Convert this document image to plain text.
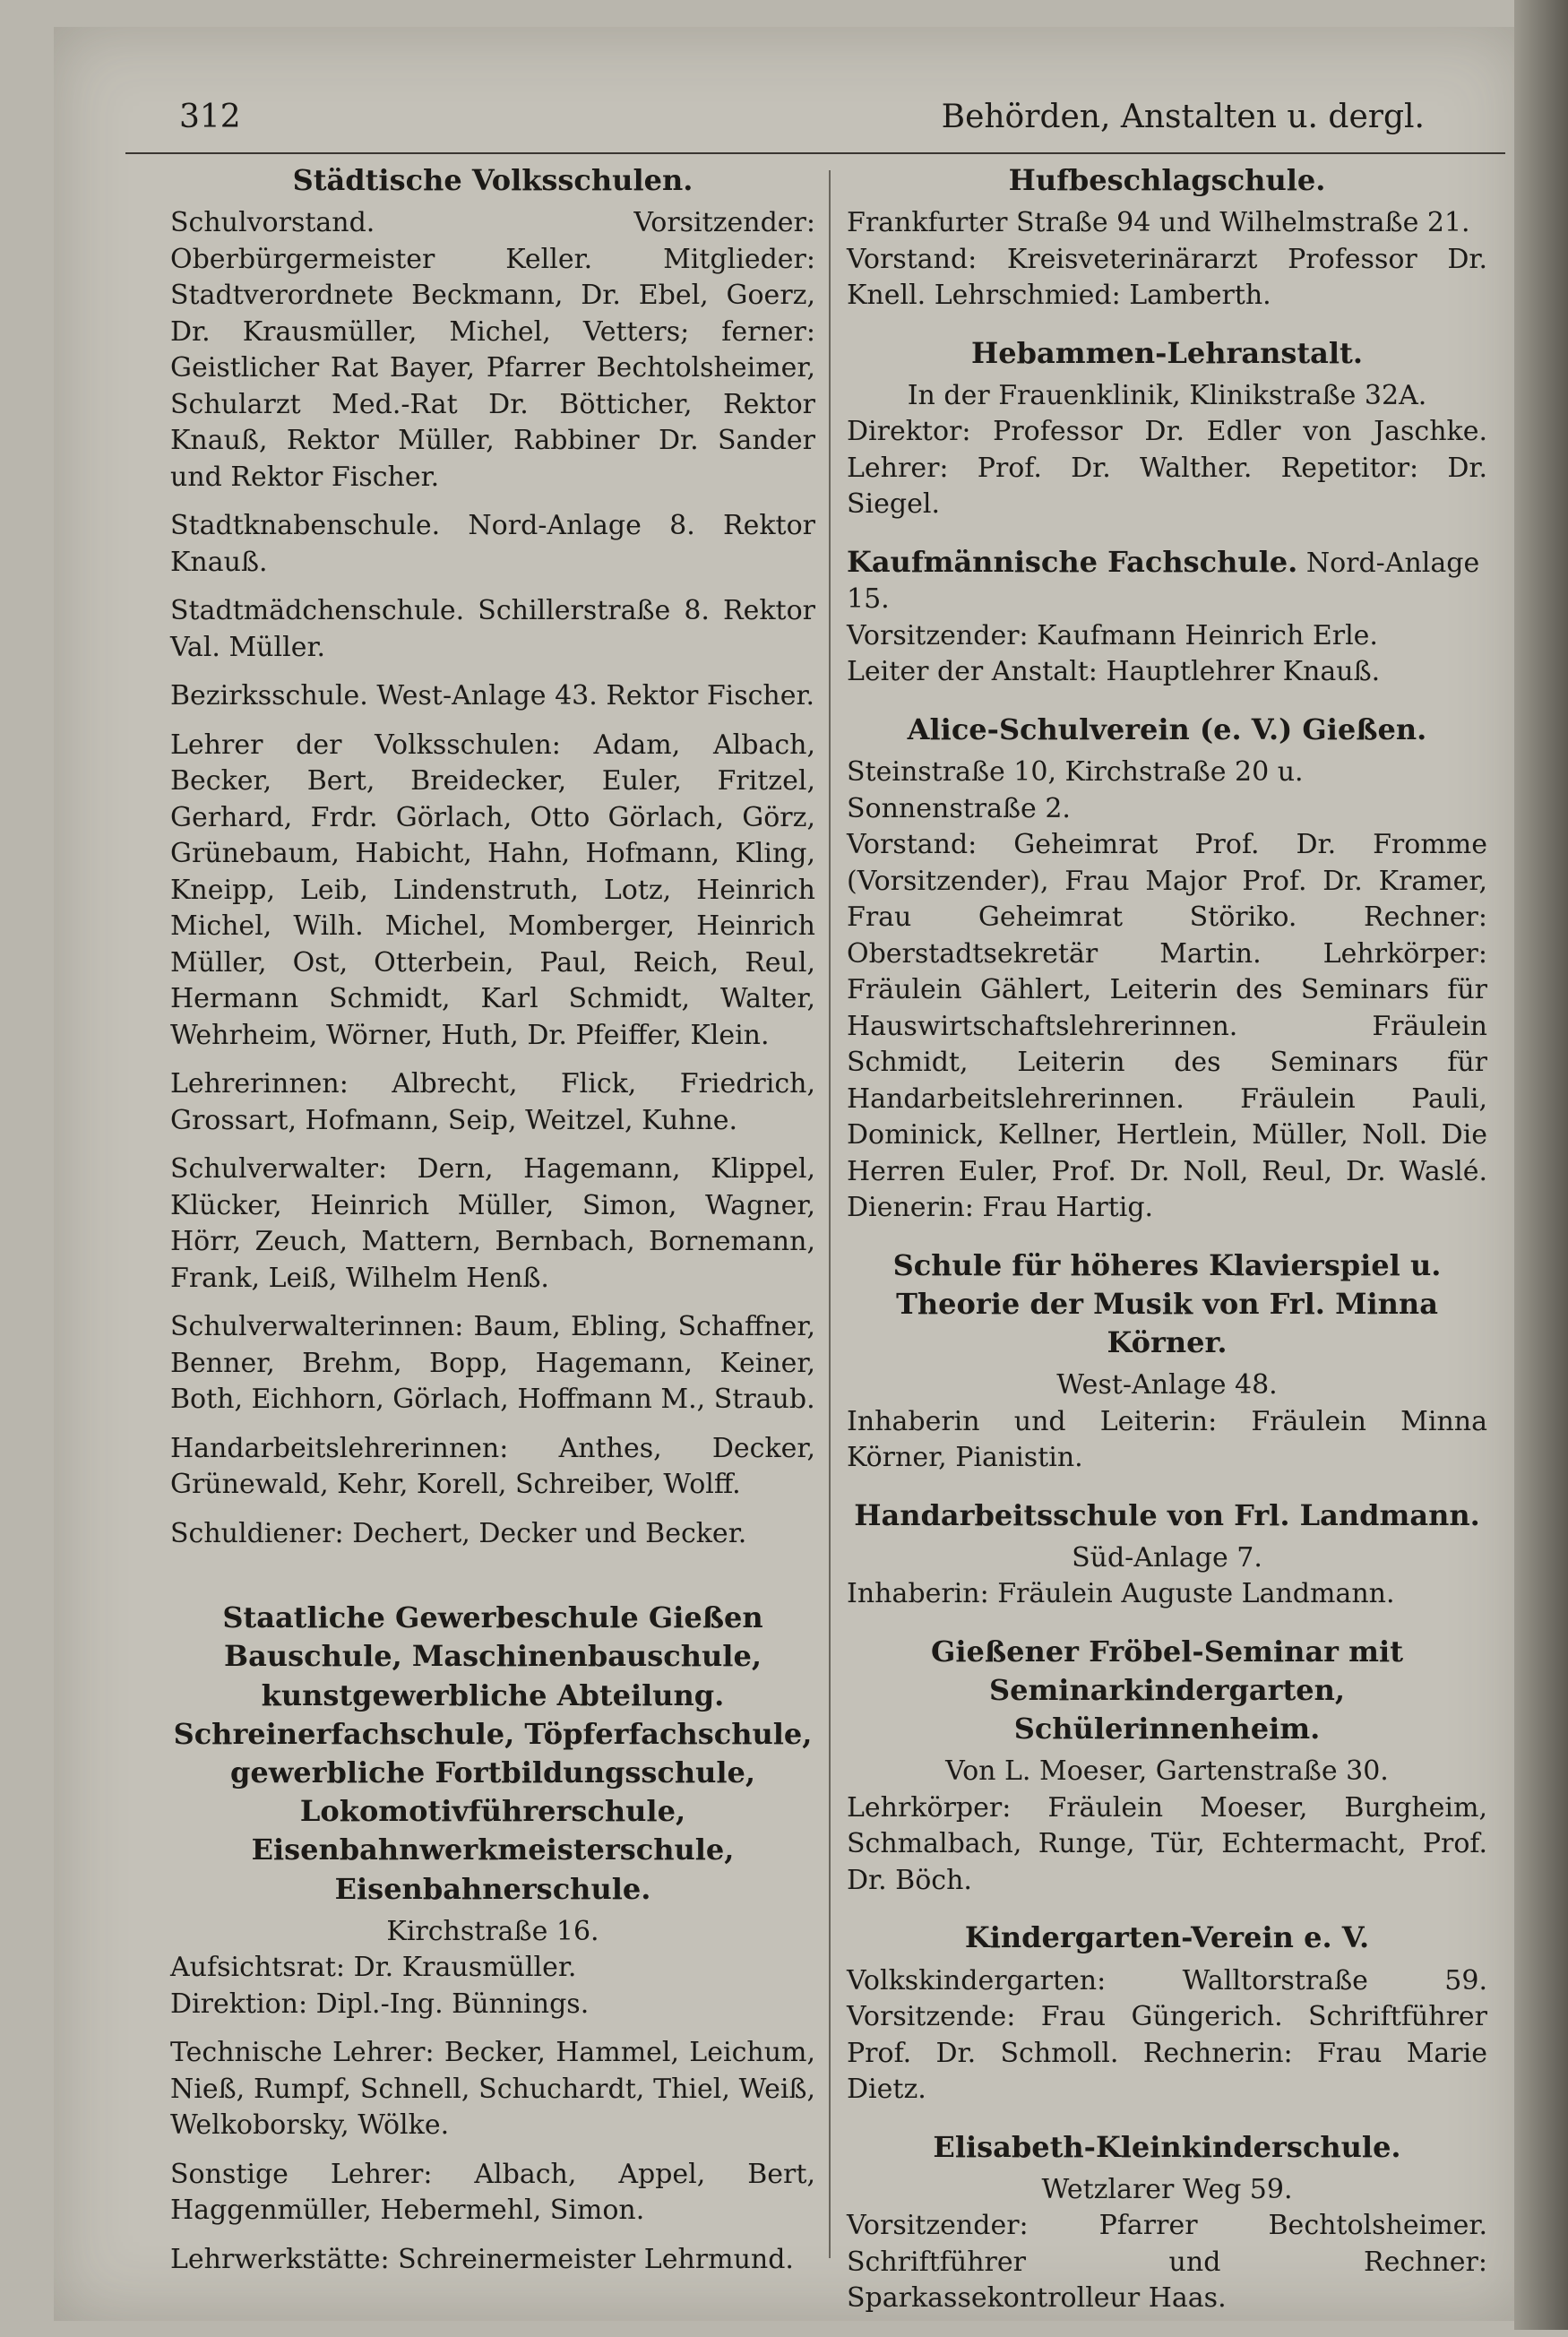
312	Behörden, Anstalten u. dergl.
Städtische Volksschulen.

Schulvorstand. Vorsitzender: Oberbürgermeister Keller. Mitglieder: Stadtverordnete Beckmann, Dr. Ebel, Goerz, Dr. Krausmüller, Michel, Vetters; ferner: Geistlicher Rat Bayer, Pfarrer Bechtolsheimer, Schularzt Med.-Rat Dr. Bötticher, Rektor Knauß, Rektor Müller, Rabbiner Dr. Sander und Rektor Fischer.

Stadtknabenschule. Nord-Anlage 8. Rektor Knauß.

Stadtmädchenschule. Schillerstraße 8. Rektor Val. Müller.

Bezirksschule. West-Anlage 43. Rektor Fischer.

Lehrer der Volksschulen: Adam, Albach, Becker, Bert, Breidecker, Euler, Fritzel, Gerhard, Frdr. Görlach, Otto Görlach, Görz, Grünebaum, Habicht, Hahn, Hofmann, Kling, Kneipp, Leib, Lindenstruth, Lotz, Heinrich Michel, Wilh. Michel, Momberger, Heinrich Müller, Ost, Otterbein, Paul, Reich, Reul, Hermann Schmidt, Karl Schmidt, Walter, Wehrheim, Wörner, Huth, Dr. Pfeiffer, Klein.

Lehrerinnen: Albrecht, Flick, Friedrich, Grossart, Hofmann, Seip, Weitzel, Kuhne.

Schulverwalter: Dern, Hagemann, Klippel, Klücker, Heinrich Müller, Simon, Wagner, Hörr, Zeuch, Mattern, Bernbach, Bornemann, Frank, Leiß, Wilhelm Henß.

Schulverwalterinnen: Baum, Ebling, Schaffner, Benner, Brehm, Bopp, Hagemann, Keiner, Both, Eichhorn, Görlach, Hoffmann M., Straub.

Handarbeitslehrerinnen: Anthes, Decker, Grünewald, Kehr, Korell, Schreiber, Wolff.

Schuldiener: Dechert, Decker und Becker.

Staatliche Gewerbeschule Gießen Bauschule, Maschinenbauschule, kunstgewerbliche Abteilung. Schreinerfachschule, Töpferfachschule, gewerbliche Fortbildungsschule, Lokomotivführerschule, Eisenbahnwerkmeisterschule, Eisenbahnerschule.
Kirchstraße 16.

Aufsichtsrat: Dr. Krausmüller.

Direktion: Dipl.-Ing. Bünnings.

Technische Lehrer: Becker, Hammel, Leichum, Nieß, Rumpf, Schnell, Schuchardt, Thiel, Weiß, Welkoborsky, Wölke.

Sonstige Lehrer: Albach, Appel, Bert, Haggenmüller, Hebermehl, Simon.

Lehrwerkstätte: Schreinermeister Lehrmund.

Hufbeschlagschule.
Frankfurter Straße 94 und Wilhelmstraße 21.

Vorstand: Kreisveterinärarzt Professor Dr. Knell. Lehrschmied: Lamberth.

Hebammen-Lehranstalt.
In der Frauenklinik, Klinikstraße 32A.

Direktor: Professor Dr. Edler von Jaschke. Lehrer: Prof. Dr. Walther. Repetitor: Dr. Siegel.

Kaufmännische Fachschule. Nord-Anlage 15.
Vorsitzender: Kaufmann Heinrich Erle.
Leiter der Anstalt: Hauptlehrer Knauß.
Alice-Schulverein (e. V.) Gießen.
Steinstraße 10, Kirchstraße 20 u. Sonnenstraße 2.

Vorstand: Geheimrat Prof. Dr. Fromme (Vorsitzender), Frau Major Prof. Dr. Kramer, Frau Geheimrat Störiko. Rechner: Oberstadtsekretär Martin. Lehrkörper: Fräulein Gählert, Leiterin des Seminars für Hauswirtschaftslehrerinnen. Fräulein Schmidt, Leiterin des Seminars für Handarbeitslehrerinnen. Fräulein Pauli, Dominick, Kellner, Hertlein, Müller, Noll. Die Herren Euler, Prof. Dr. Noll, Reul, Dr. Waslé. Dienerin: Frau Hartig.

Schule für höheres Klavierspiel u. Theorie der Musik von Frl. Minna Körner.
West-Anlage 48.

Inhaberin und Leiterin: Fräulein Minna Körner, Pianistin.

Handarbeitsschule von Frl. Landmann.
Süd-Anlage 7.

Inhaberin: Fräulein Auguste Landmann.

Gießener Fröbel-Seminar mit Seminarkindergarten, Schülerinnenheim.
Von L. Moeser, Gartenstraße 30.

Lehrkörper: Fräulein Moeser, Burgheim, Schmalbach, Runge, Tür, Echtermacht, Prof. Dr. Böch.

Kindergarten-Verein e. V.

Volkskindergarten: Walltorstraße 59. Vorsitzende: Frau Güngerich. Schriftführer Prof. Dr. Schmoll. Rechnerin: Frau Marie Dietz.

Elisabeth-Kleinkinderschule.
Wetzlarer Weg 59.

Vorsitzender: Pfarrer Bechtolsheimer. Schriftführer und Rechner: Sparkassekontrolleur Haas.
